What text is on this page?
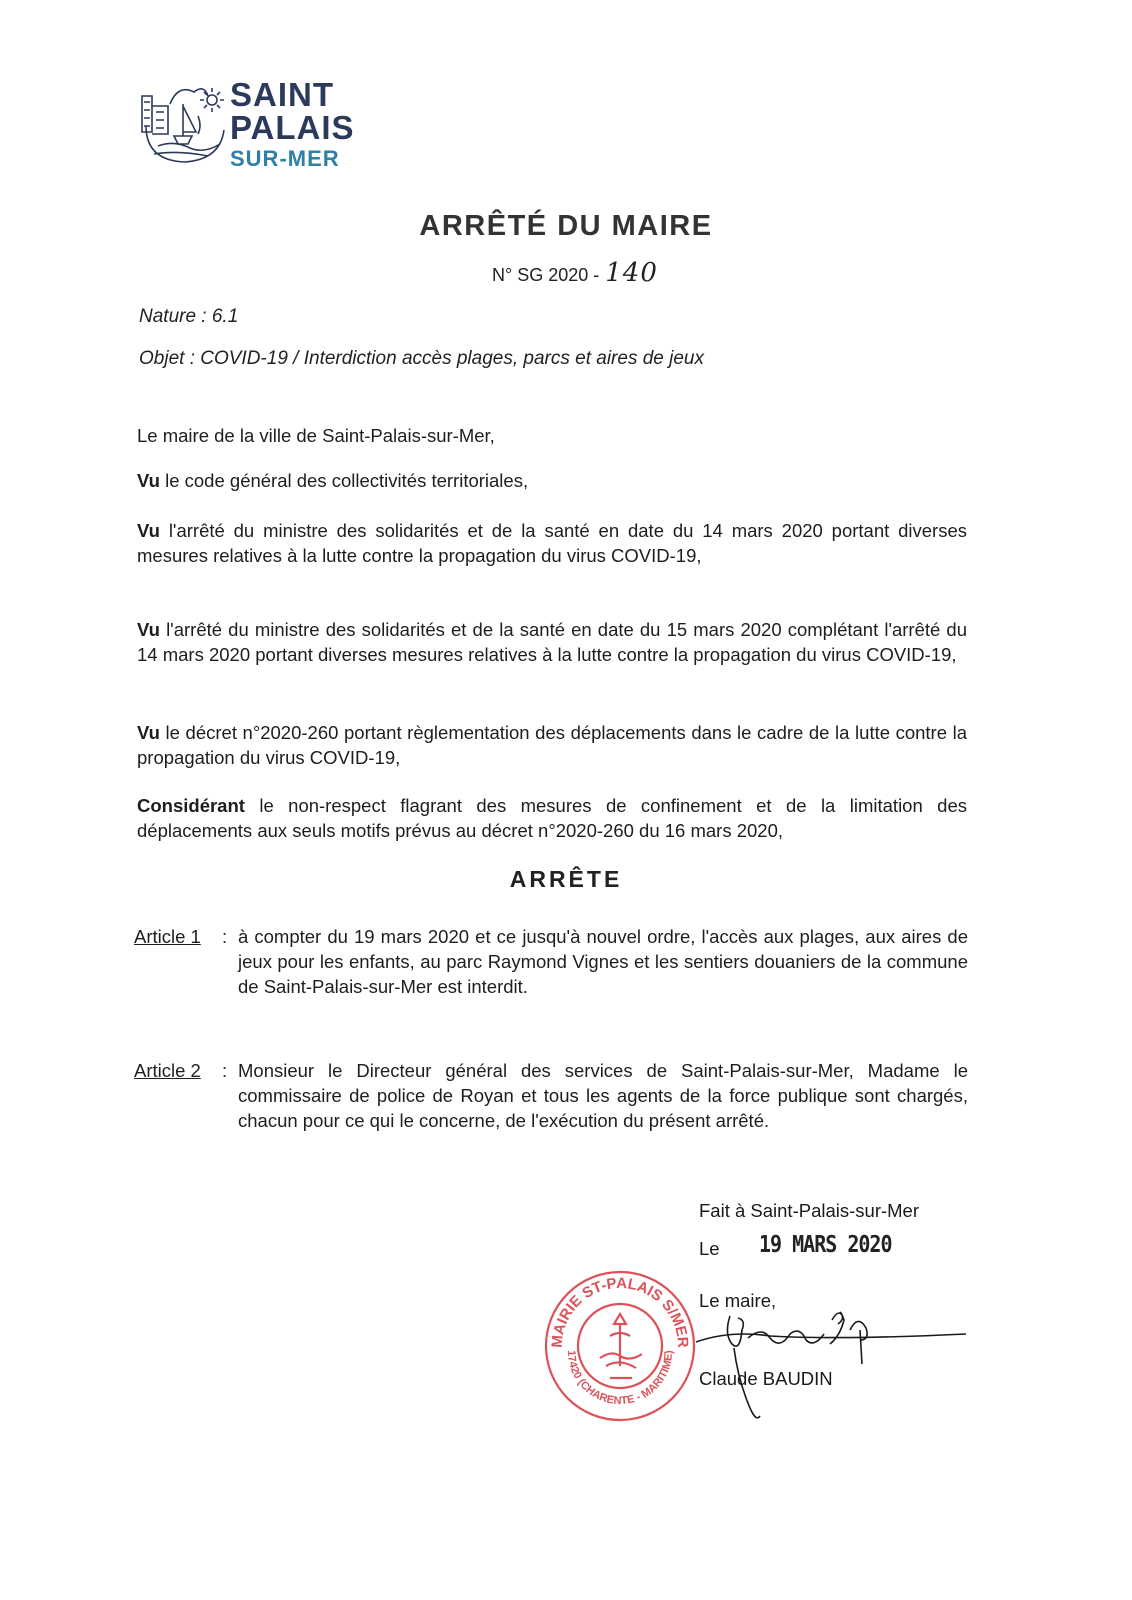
SAINT
PALAIS
SUR-MER
ARRÊTÉ DU MAIRE
N° SG 2020 - 140
Nature : 6.1
Objet : COVID-19 / Interdiction accès plages, parcs et aires de jeux

Le maire de la ville de Saint-Palais-sur-Mer,

Vu le code général des collectivités territoriales,

Vu l'arrêté du ministre des solidarités et de la santé en date du 14 mars 2020 portant diverses mesures relatives à la lutte contre la propagation du virus COVID-19,

Vu l'arrêté du ministre des solidarités et de la santé en date du 15 mars 2020 complétant l'arrêté du 14 mars 2020 portant diverses mesures relatives à la lutte contre la propagation du virus COVID-19,

Vu le décret n°2020-260 portant règlementation des déplacements dans le cadre de la lutte contre la propagation du virus COVID-19,

Considérant le non-respect flagrant des mesures de confinement et de la limitation des déplacements aux seuls motifs prévus au décret n°2020-260 du 16 mars 2020,

ARRÊTE
Article 1 : à compter du 19 mars 2020 et ce jusqu'à nouvel ordre, l'accès aux plages, aux aires de jeux pour les enfants, au parc Raymond Vignes et les sentiers douaniers de la commune de Saint-Palais-sur-Mer est interdit.
Article 2 : Monsieur le Directeur général des services de Saint-Palais-sur-Mer, Madame le commissaire de police de Royan et tous les agents de la force publique sont chargés, chacun pour ce qui le concerne, de l'exécution du présent arrêté.
Fait à Saint-Palais-sur-Mer
Le 19 MARS 2020
MAIRIE ST-PALAIS S/MER
17420 (CHARENTE - MARITIME)
Le maire,
Claude BAUDIN
